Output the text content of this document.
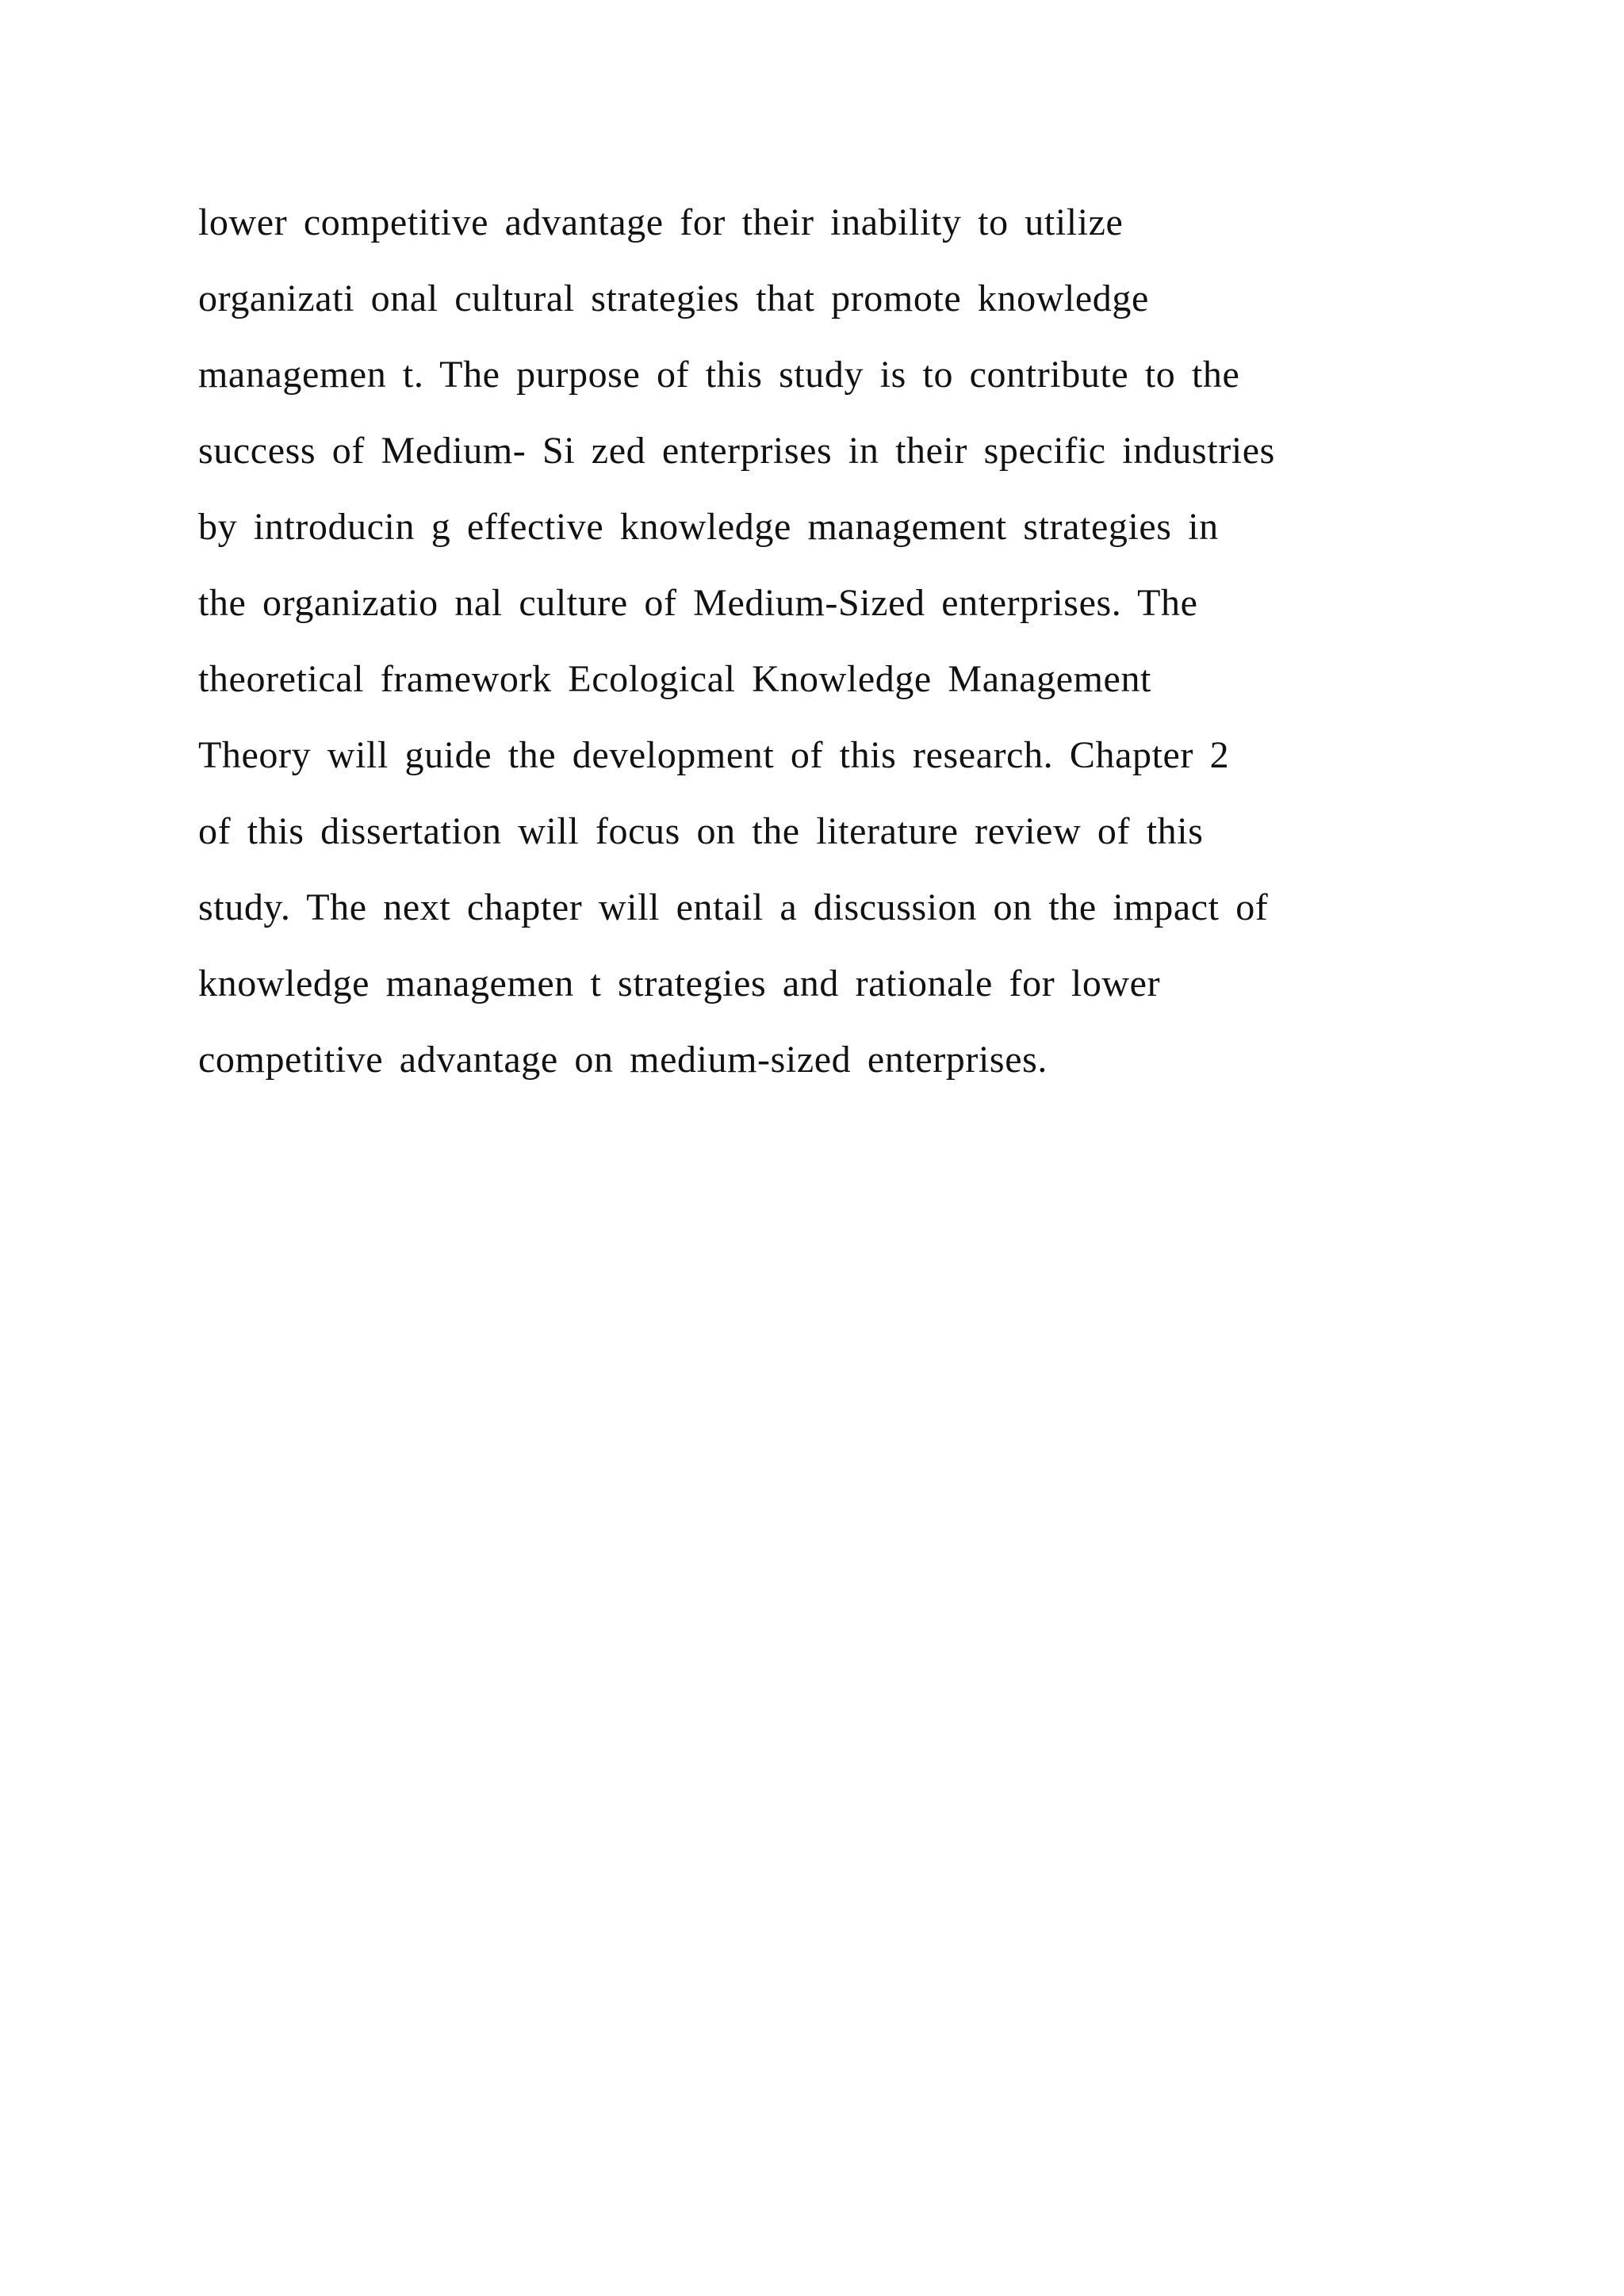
lower competitive advantage for their inability to utilize
organizati onal cultural strategies that promote knowledge
managemen t. The purpose of this study is to contribute to the
success of Medium- Si zed enterprises in their specific industries
by introducin g effective knowledge management strategies in
the organizatio nal culture of Medium-Sized enterprises. The
theoretical framework Ecological Knowledge Management
Theory will guide the development of this research. Chapter 2
of this dissertation will focus on the literature review of this
study. The next chapter will entail a discussion on the impact of
knowledge managemen t strategies and rationale for lower
competitive advantage on medium-sized enterprises.
